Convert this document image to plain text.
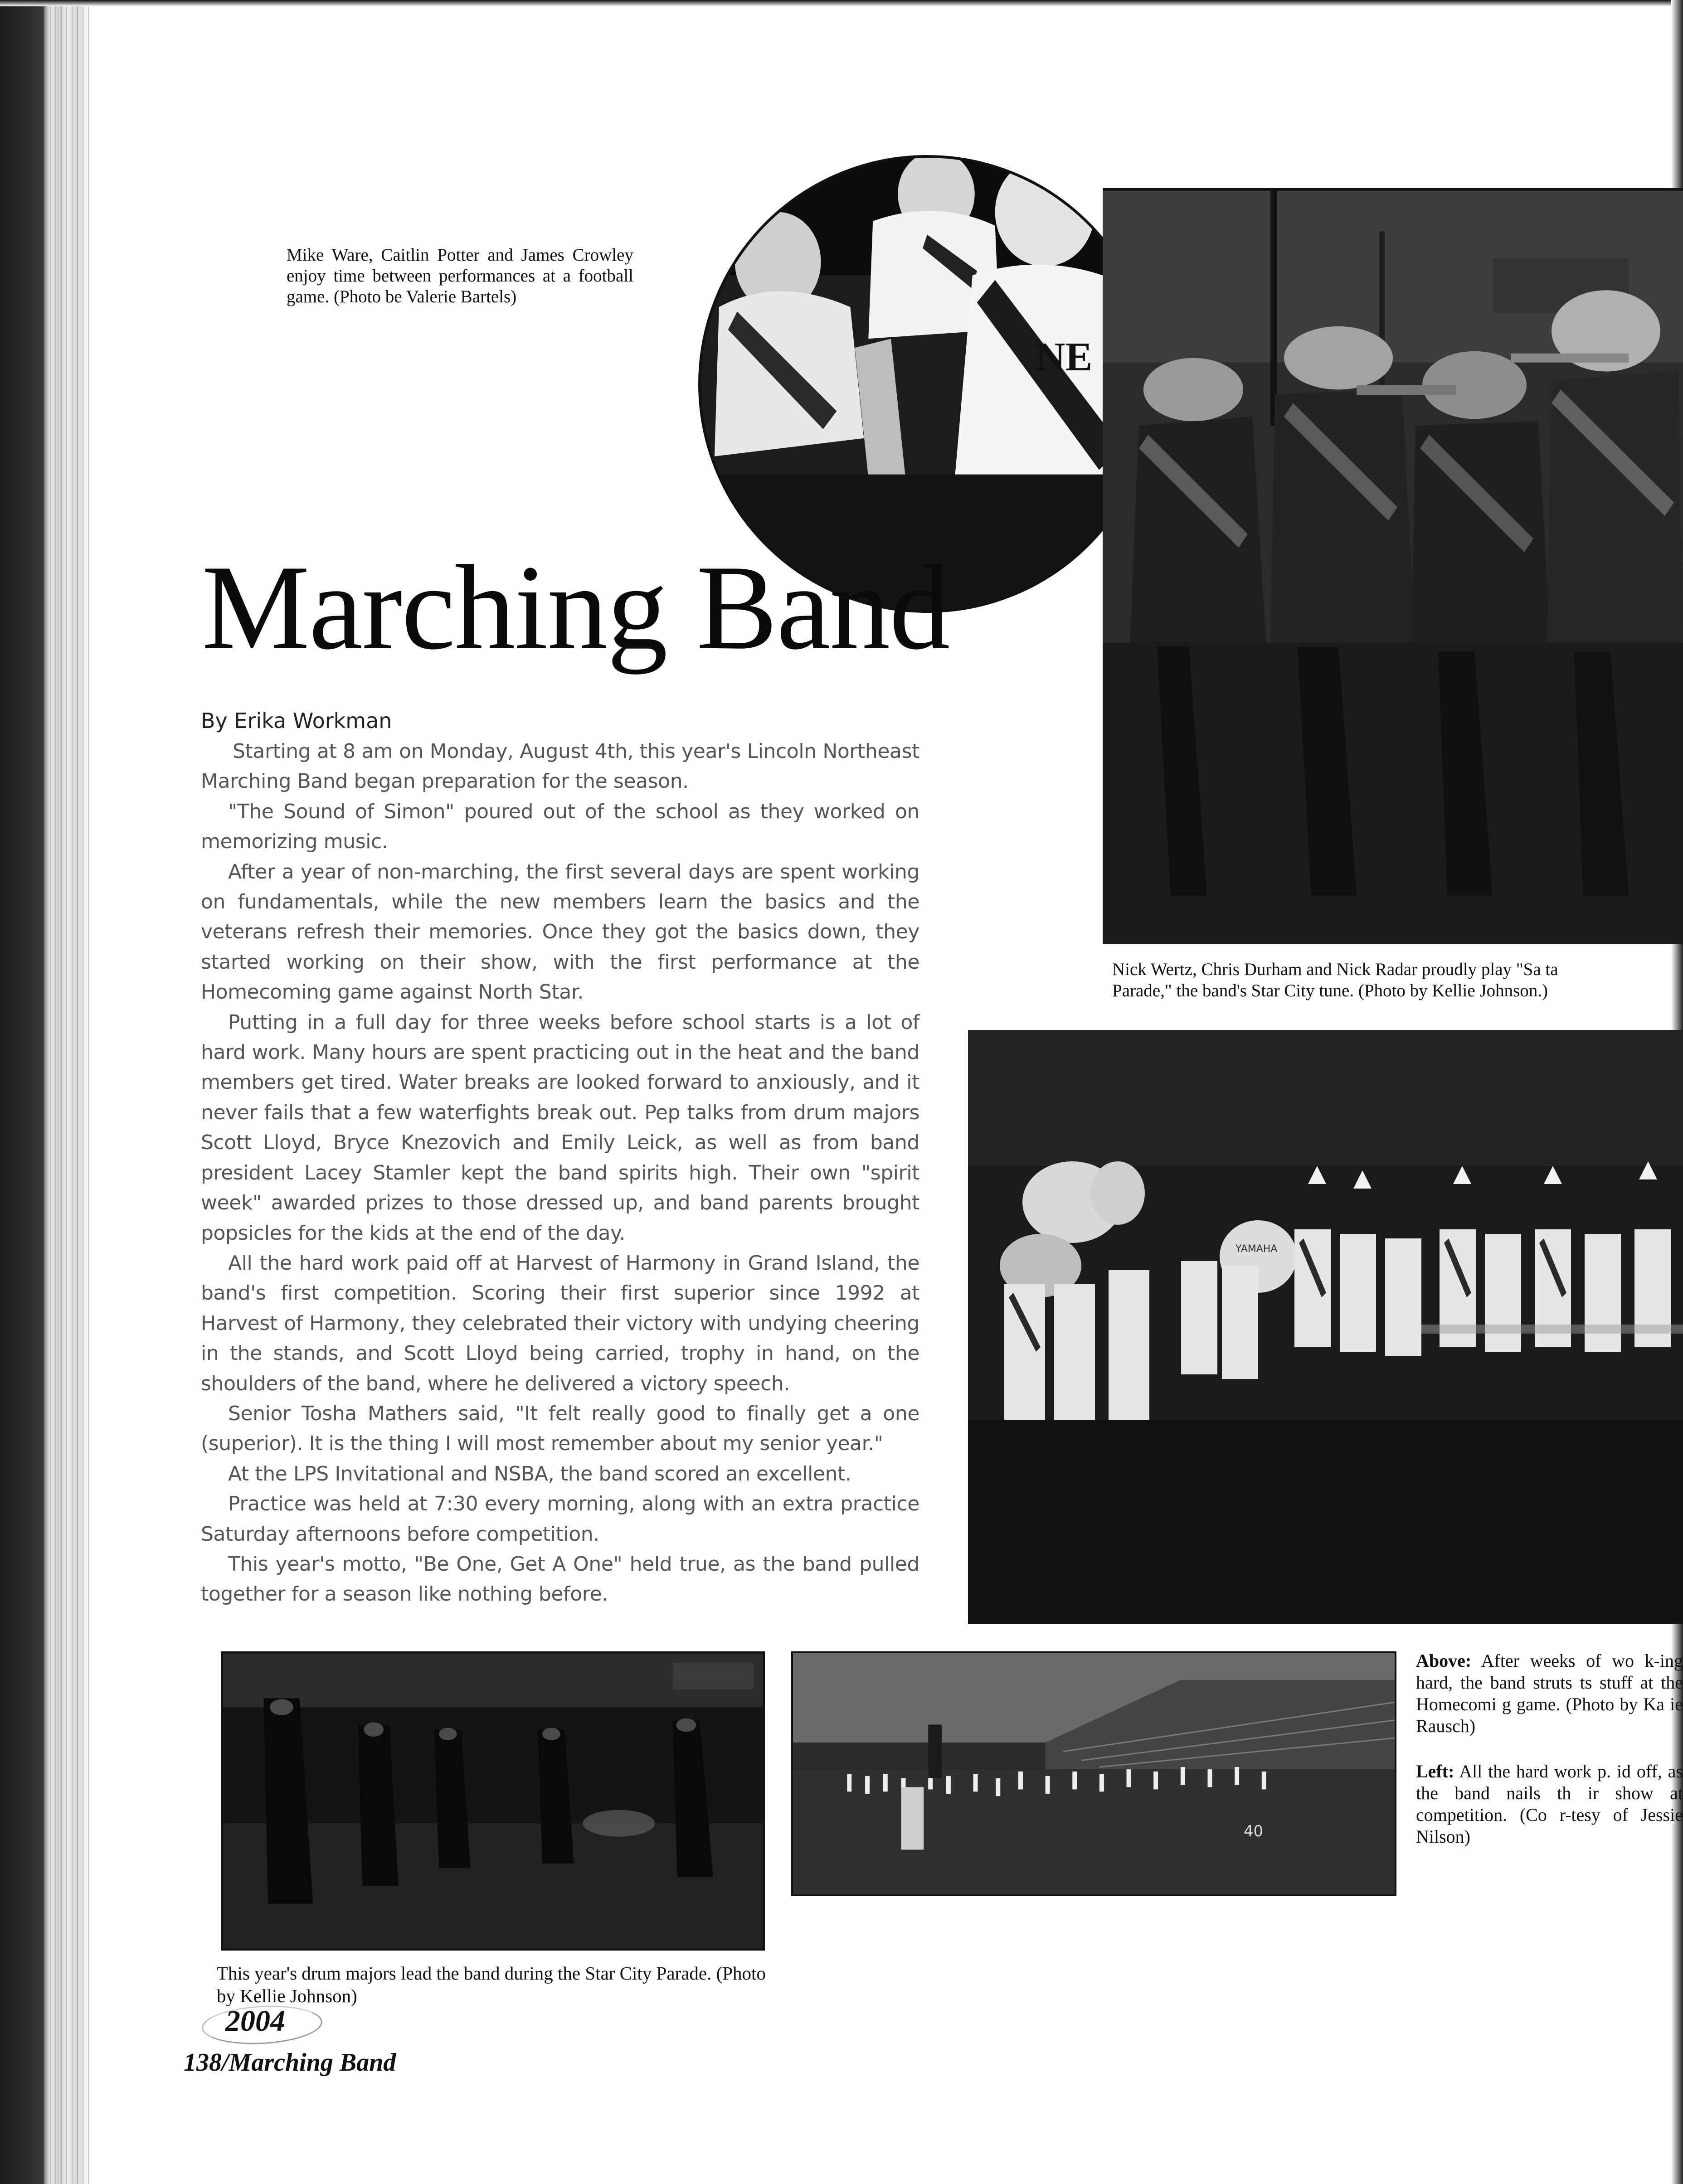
NE
Mike Ware, Caitlin Potter and James Crowley enjoy time between performances at a football game. (Photo be Valerie Bartels)
Nick Wertz, Chris Durham and Nick Radar proudly play "Sa ta
Parade," the band's Star City tune. (Photo by Kellie Johnson.)
YAMAHA
Marching Band
By Erika Workman

Starting at 8 am on Monday, August 4th, this year's Lincoln Northeast Marching Band began preparation for the season.

"The Sound of Simon" poured out of the school as they worked on memorizing music.

After a year of non-marching, the first several days are spent working on fundamentals, while the new members learn the basics and the veterans refresh their memories. Once they got the basics down, they started working on their show, with the first performance at the Homecoming game against North Star.

Putting in a full day for three weeks before school starts is a lot of hard work. Many hours are spent practicing out in the heat and the band members get tired. Water breaks are looked forward to anxiously, and it never fails that a few waterfights break out. Pep talks from drum majors Scott Lloyd, Bryce Knezovich and Emily Leick, as well as from band president Lacey Stamler kept the band spirits high. Their own "spirit week" awarded prizes to those dressed up, and band parents brought popsicles for the kids at the end of the day.

All the hard work paid off at Harvest of Harmony in Grand Island, the band's first competition. Scoring their first superior since 1992 at Harvest of Harmony, they celebrated their victory with undying cheering in the stands, and Scott Lloyd being carried, trophy in hand, on the shoulders of the band, where he delivered a victory speech.

Senior Tosha Mathers said, "It felt really good to finally get a one (superior). It is the thing I will most remember about my senior year."

At the LPS Invitational and NSBA, the band scored an excellent.

Practice was held at 7:30 every morning, along with an extra practice Saturday afternoons before competition.

This year's motto, "Be One, Get A One" held true, as the band pulled together for a season like nothing before.

This year's drum majors lead the band during the Star City Parade. (Photo by Kellie Johnson)
40

Above: After weeks of wo k-ing hard, the band struts ts stuff at the Homecomi g game. (Photo by Ka ie Rausch)

Left: All the hard work p. id off, as the band nails th ir show at competition. (Co r-tesy of Jessie Nilson)

2004
138/Marching Band
